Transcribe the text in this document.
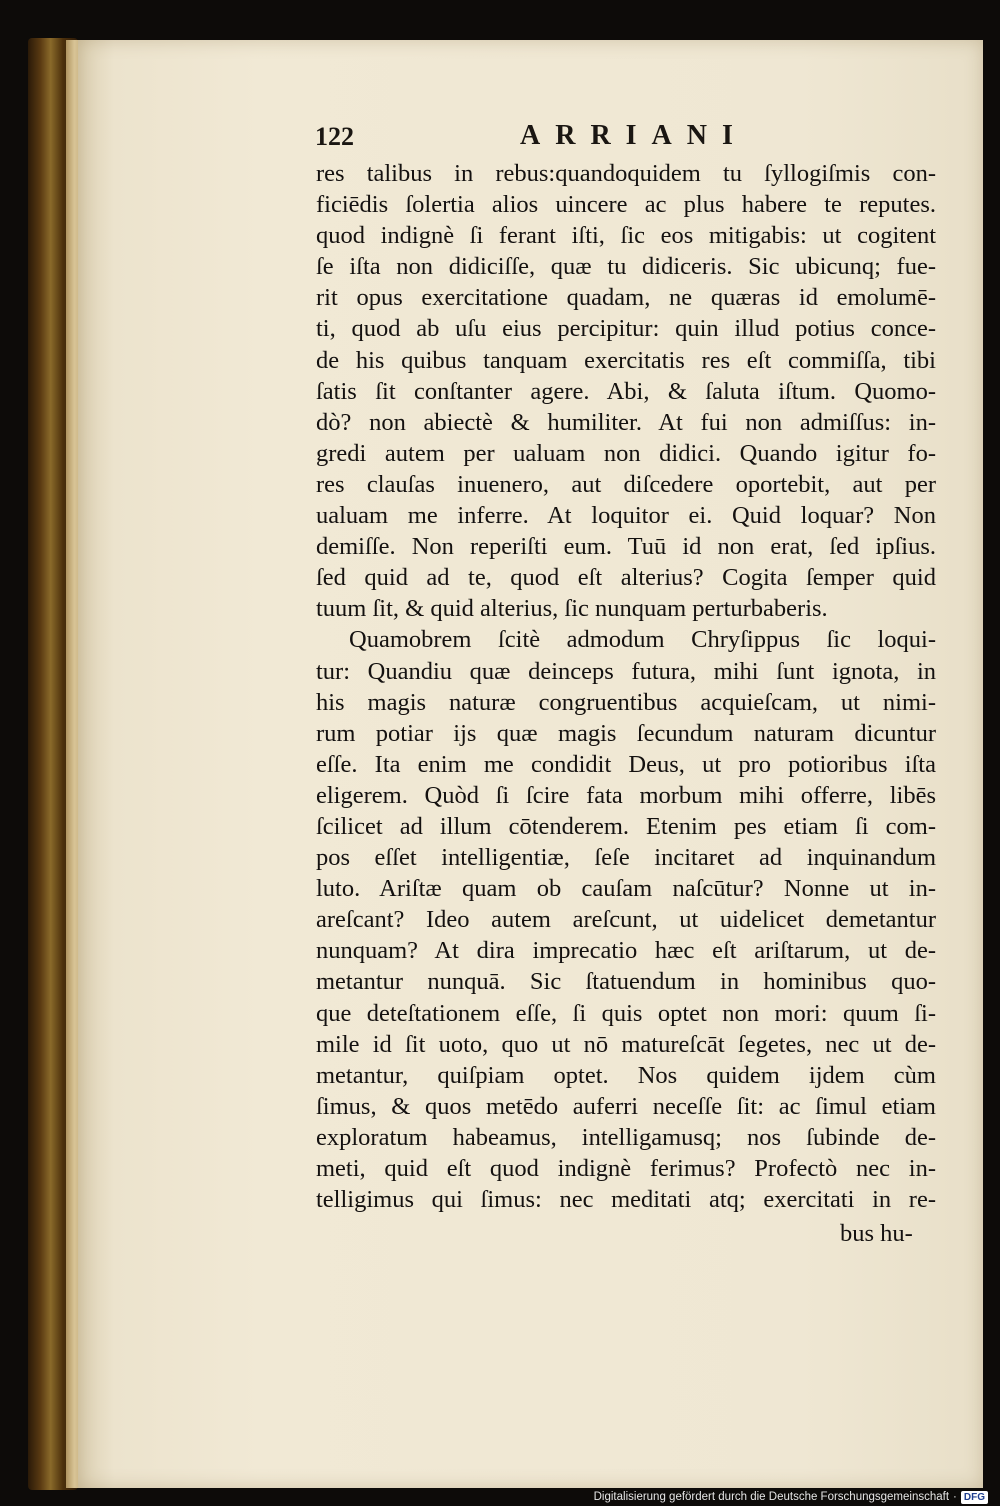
122	ARRIANI
res talibus in rebus:quandoquidem tu ſyllogiſmis con-
ficiēdis ſolertia alios uincere ac plus habere te reputes.
quod indignè ſi ferant iſti, ſic eos mitigabis: ut cogitent
ſe iſta non didiciſſe, quæ tu didiceris. Sic ubicunq; fue-
rit opus exercitatione quadam, ne quæras id emolumē-
ti, quod ab uſu eius percipitur: quin illud potius conce-
de his quibus tanquam exercitatis res eſt commiſſa, tibi
ſatis ſit conſtanter agere. Abi, & ſaluta iſtum. Quomo-
dò? non abiectè & humiliter. At fui non admiſſus: in-
gredi autem per ualuam non didici. Quando igitur fo-
res clauſas inuenero, aut diſcedere oportebit, aut per
ualuam me inferre. At loquitor ei. Quid loquar? Non
demiſſe. Non reperiſti eum. Tuū id non erat, ſed ipſius.
ſed quid ad te, quod eſt alterius? Cogita ſemper quid
tuum ſit, & quid alterius, ſic nunquam perturbaberis.
Quamobrem ſcitè admodum Chryſippus ſic loqui-
tur: Quandiu quæ deinceps futura, mihi ſunt ignota, in
his magis naturæ congruentibus acquieſcam, ut nimi-
rum potiar ijs quæ magis ſecundum naturam dicuntur
eſſe. Ita enim me condidit Deus, ut pro potioribus iſta
eligerem. Quòd ſi ſcire fata morbum mihi offerre, libēs
ſcilicet ad illum cōtenderem. Etenim pes etiam ſi com-
pos eſſet intelligentiæ, ſeſe incitaret ad inquinandum
luto. Ariſtæ quam ob cauſam naſcūtur? Nonne ut in-
areſcant? Ideo autem areſcunt, ut uidelicet demetantur
nunquam? At dira imprecatio hæc eſt ariſtarum, ut de-
metantur nunquā. Sic ſtatuendum in hominibus quo-
que deteſtationem eſſe, ſi quis optet non mori: quum ſi-
mile id ſit uoto, quo ut nō matureſcāt ſegetes, nec ut de-
metantur, quiſpiam optet. Nos quidem ijdem cùm
ſimus, & quos metēdo auferri neceſſe ſit: ac ſimul etiam
exploratum habeamus, intelligamusq; nos ſubinde de-
meti, quid eſt quod indignè ferimus? Profectò nec in-
telligimus qui ſimus: nec meditati atq; exercitati in re-
bus hu-
Digitalisierung gefördert durch die Deutsche Forschungsgemeinschaft · DFG
